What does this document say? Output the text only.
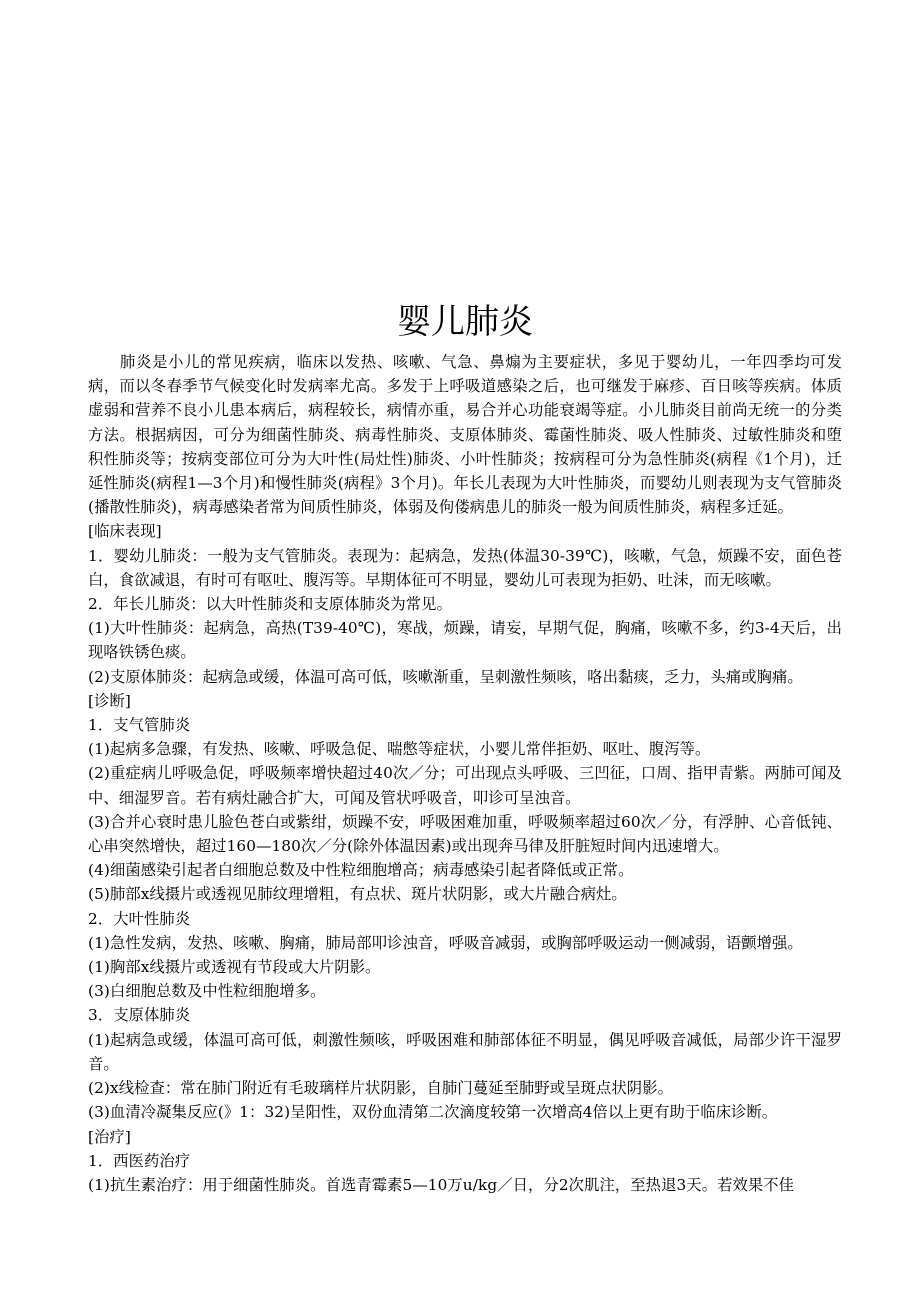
婴儿肺炎

肺炎是小儿的常见疾病，临床以发热、咳嗽、气急、鼻煽为主要症状，多见于婴幼儿，一年四季均可发病，而以冬春季节气候变化时发病率尤高。多发于上呼吸道感染之后，也可继发于麻疹、百日咳等疾病。体质虚弱和营养不良小儿患本病后，病程较长，病情亦重，易合并心功能衰竭等症。小儿肺炎目前尚无统一的分类方法。根据病因，可分为细菌性肺炎、病毒性肺炎、支原体肺炎、霉菌性肺炎、吸人性肺炎、过敏性肺炎和堕积性肺炎等；按病变部位可分为大叶性(局灶性)肺炎、小叶性肺炎；按病程可分为急性肺炎(病程《1个月)，迁延性肺炎(病程1—3个月)和慢性肺炎(病程》3个月)。年长儿表现为大叶性肺炎，而婴幼儿则表现为支气管肺炎(播散性肺炎)，病毒感染者常为间质性肺炎，体弱及佝偻病患儿的肺炎一般为间质性肺炎，病程多迁延。

[临床表现]

1．婴幼儿肺炎：一般为支气管肺炎。表现为：起病急，发热(体温30-39℃)，咳嗽，气急，烦躁不安，面色苍白，食欲减退，有时可有呕吐、腹泻等。早期体征可不明显，婴幼儿可表现为拒奶、吐沫，而无咳嗽。

2．年长儿肺炎：以大叶性肺炎和支原体肺炎为常见。

(1)大叶性肺炎：起病急，高热(T39-40℃)，寒战，烦躁，请妄，早期气促，胸痛，咳嗽不多，约3-4天后，出现咯铁锈色痰。

(2)支原体肺炎：起病急或缓，体温可高可低，咳嗽渐重，呈刺激性频咳，咯出黏痰，乏力，头痛或胸痛。

[诊断]

1．支气管肺炎

(1)起病多急骤，有发热、咳嗽、呼吸急促、喘憋等症状，小婴儿常伴拒奶、呕吐、腹泻等。

(2)重症病儿呼吸急促，呼吸频率增快超过40次／分；可出现点头呼吸、三凹征，口周、指甲青紫。两肺可闻及中、细湿罗音。若有病灶融合扩大，可闻及管状呼吸音，叩诊可呈浊音。

(3)合并心衰时患儿脸色苍白或紫绀，烦躁不安，呼吸困难加重，呼吸频率超过60次／分，有浮肿、心音低钝、心串突然增快，超过160—180次／分(除外体温因素)或出现奔马律及肝脏短时间内迅速增大。

(4)细菌感染引起者白细胞总数及中性粒细胞增高；病毒感染引起者降低或正常。

(5)肺部x线摄片或透视见肺纹理增粗，有点状、斑片状阴影，或大片融合病灶。

2．大叶性肺炎

(1)急性发病，发热、咳嗽、胸痛，肺局部叩诊浊音，呼吸音减弱，或胸部呼吸运动一侧减弱，语颤增强。

(1)胸部x线摄片或透视有节段或大片阴影。

(3)白细胞总数及中性粒细胞增多。

3．支原体肺炎

(1)起病急或缓，体温可高可低，刺激性频咳，呼吸困难和肺部体征不明显，偶见呼吸音减低，局部少许干湿罗音。

(2)x线检查：常在肺门附近有毛玻璃样片状阴影，自肺门蔓延至肺野或呈斑点状阴影。

(3)血清冷凝集反应(》1：32)呈阳性，双份血清第二次滴度较第一次增高4倍以上更有助于临床诊断。

[治疗]

1．西医药治疗

(1)抗生素治疗：用于细菌性肺炎。首选青霉素5—10万u/kg／日，分2次肌注，至热退3天。若效果不佳
